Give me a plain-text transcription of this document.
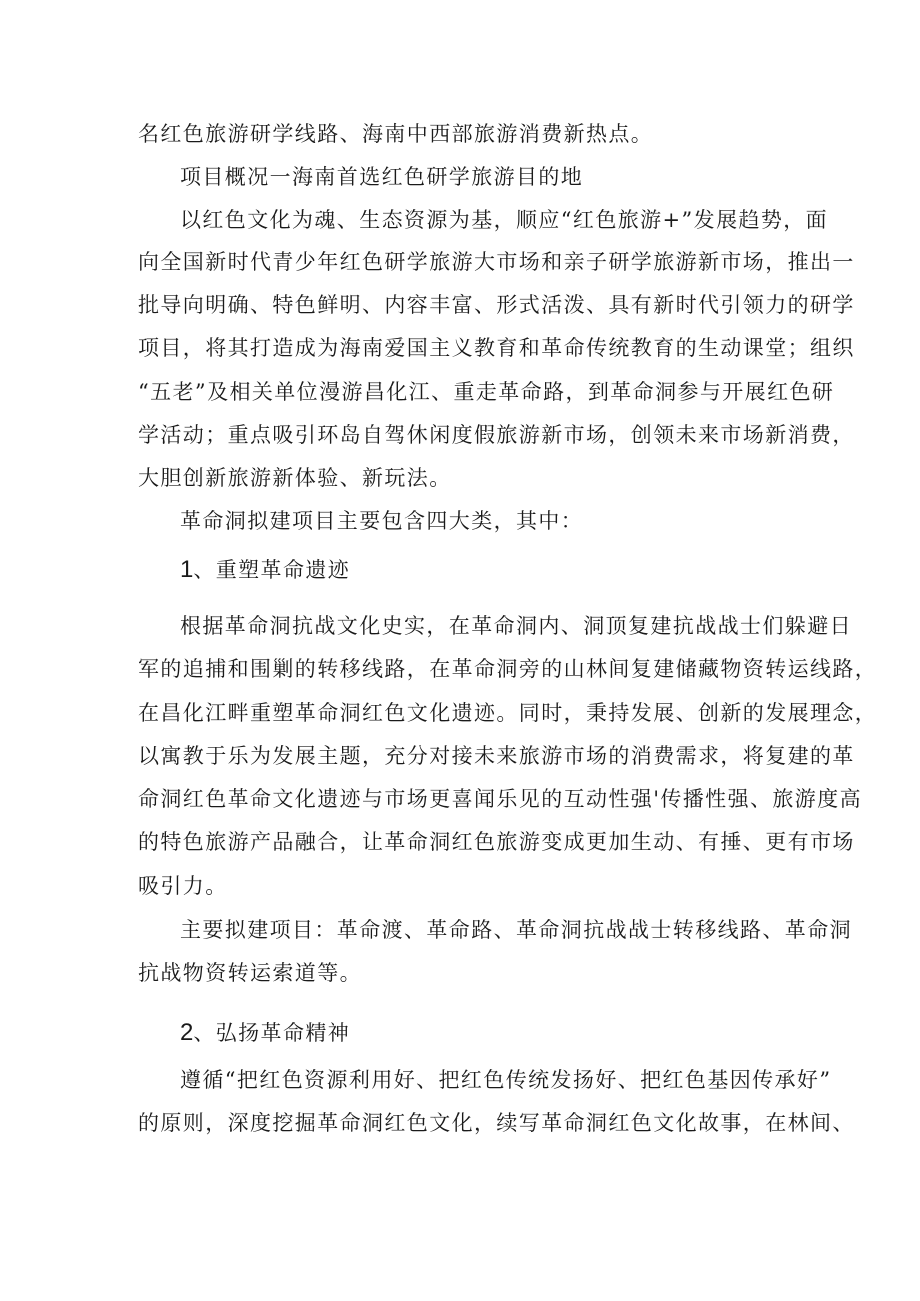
名红色旅游研学线路、海南中西部旅游消费新热点。
项目概况一海南首选红色研学旅游目的地
以红色文化为魂、生态资源为基，顺应“红色旅游+”发展趋势，面
向全国新时代青少年红色研学旅游大市场和亲子研学旅游新市场，推出一
批导向明确、特色鲜明、内容丰富、形式活泼、具有新时代引领力的研学
项目，将其打造成为海南爱国主义教育和革命传统教育的生动课堂；组织
“五老”及相关单位漫游昌化江、重走革命路，到革命洞参与开展红色研
学活动；重点吸引环岛自驾休闲度假旅游新市场，创领未来市场新消费，
大胆创新旅游新体验、新玩法。
革命洞拟建项目主要包含四大类，其中：
1、重塑革命遗迹
根据革命洞抗战文化史实，在革命洞内、洞顶复建抗战战士们躲避日
军的追捕和围剿的转移线路，在革命洞旁的山林间复建储藏物资转运线路，
在昌化江畔重塑革命洞红色文化遗迹。同时，秉持发展、创新的发展理念，
以寓教于乐为发展主题，充分对接未来旅游市场的消费需求，将复建的革
命洞红色革命文化遗迹与市场更喜闻乐见的互动性强'传播性强、旅游度高
的特色旅游产品融合，让革命洞红色旅游变成更加生动、有捶、更有市场
吸引力。
主要拟建项目：革命渡、革命路、革命洞抗战战士转移线路、革命洞
抗战物资转运索道等。
2、弘扬革命精神
遵循“把红色资源利用好、把红色传统发扬好、把红色基因传承好”
的原则，深度挖掘革命洞红色文化，续写革命洞红色文化故事，在林间、
